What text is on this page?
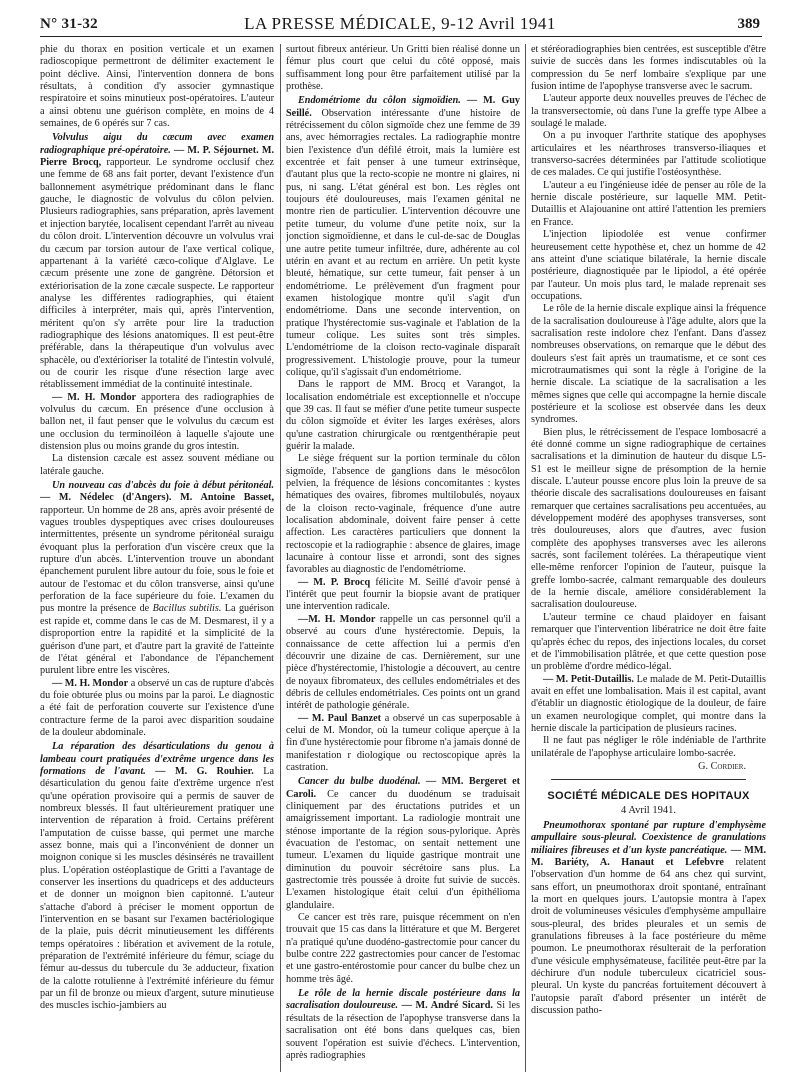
N° 31-32	LA PRESSE MÉDICALE, 9-12 Avril 1941	389

phie du thorax en position verticale et un examen radioscopique permettront de délimiter exactement le point déclive. Ainsi, l'intervention donnera de bons résultats, à condition d'y associer gymnastique respiratoire et soins minutieux post-opératoires. L'auteur a ainsi obtenu une guérison complète, en moins de 4 semaines, de 6 opérés sur 7 cas.

Volvulus aigu du cæcum avec examen radiographique pré-opératoire. — M. P. Séjournet. M. Pierre Brocq, rapporteur. Le syndrome occlusif chez une femme de 68 ans fait porter, devant l'existence d'un ballonnement asymétrique prédominant dans le flanc gauche, le diagnostic de volvulus du côlon pelvien. Plusieurs radiographies, sans préparation, après lavement et injection barytée, localisent cependant l'arrêt au niveau du côlon droit. L'intervention découvre un volvulus vrai du cæcum par torsion autour de l'axe vertical colique, appartenant à la variété cæco-colique d'Alglave. Le cæcum présente une zone de gangrène. Détorsion et extériorisation de la zone cæcale suspecte. Le rapporteur analyse les différentes radiographies, qui étaient difficiles à interpréter, mais qui, après l'intervention, méritent qu'on s'y arrête pour lire la traduction radiographique des lésions anatomiques. Il est peut-être préférable, dans la thérapeutique d'un volvulus avec sphacèle, ou d'extérioriser la totalité de l'intestin volvulé, ou de courir les risque d'une résection large avec rétablissement immédiat de la continuité intestinale.

— M. H. Mondor apportera des radiographies de volvulus du cæcum. En présence d'une occlusion à ballon net, il faut penser que le volvulus du cæcum est une occlusion du terminoiléon à laquelle s'ajoute une distension plus ou moins grande du gros intestin.

La distension cæcale est assez souvent médiane ou latérale gauche.

Un nouveau cas d'abcès du foie à début péritonéal. — M. Nédelec (d'Angers). M. Antoine Basset, rapporteur. Un homme de 28 ans, après avoir présenté de vagues troubles dyspeptiques avec crises douloureuses intermittentes, présente un syndrome péritonéal suraigu évoquant plus la perforation d'un viscère creux que la rupture d'un abcès. L'intervention trouve un abondant épanchement purulent libre autour du foie, sous le foie et autour de l'estomac et du côlon transverse, ainsi qu'une perforation de la face supérieure du foie. L'examen du pus montre la présence de Bacillus subtilis. La guérison est rapide et, comme dans le cas de M. Desmarest, il y a disproportion entre la rapidité et la simplicité de la guérison d'une part, et d'autre part la gravité de l'atteinte de l'état général et l'abondance de l'épanchement purulent libre entre les viscères.

— M. H. Mondor a observé un cas de rupture d'abcès du foie obturée plus ou moins par la paroi. Le diagnostic a été fait de perforation couverte sur l'existence d'une contracture ferme de la paroi avec disparition soudaine de la douleur abdominale.

La réparation des désarticulations du genou à lambeau court pratiquées d'extrême urgence dans les formations de l'avant. — M. G. Rouhier. La désarticulation du genou faite d'extrême urgence n'est qu'une opération provisoire qui a permis de sauver de nombreux blessés. Il faut ultérieurement pratiquer une intervention de réparation à froid. Certains préfèrent l'amputation de cuisse basse, qui permet une marche assez bonne, mais qui a l'inconvénient de donner un moignon conique si les muscles désinsérés ne travaillent plus. L'opération ostéoplastique de Gritti a l'avantage de conserver les insertions du quadriceps et des adducteurs et de donner un moignon bien capitonné. L'auteur s'attache d'abord à préciser le moment opportun de l'intervention en se basant sur l'examen bactériologique de la plaie, puis décrit minutieusement les différents temps opératoires : libération et avivement de la rotule, préparation de l'extrémité inférieure du fémur, sciage du fémur au-dessus du tubercule du 3e adducteur, fixation de la calotte rotulienne à l'extrémité inférieure du fémur par un fil de bronze ou mieux d'argent, suture minutieuse des muscles ischio-jambiers au

surtout fibreux antérieur. Un Gritti bien réalisé donne un fémur plus court que celui du côté opposé, mais suffisamment long pour être parfaitement utilisé par la prothèse.

Endométriome du côlon sigmoïdien. — M. Guy Seillé. Observation intéressante d'une histoire de rétrécissement du côlon sigmoïde chez une femme de 39 ans, avec hémorragies rectales. La radiographie montre bien l'existence d'un défilé étroit, mais la lumière est excentrée et fait penser à une tumeur extrinsèque, d'autant plus que la recto-scopie ne montre ni glaires, ni pus, ni sang. L'état général est bon. Les règles ont toujours été douloureuses, mais l'examen génital ne montre rien de particulier. L'intervention découvre une petite tumeur, du volume d'une petite noix, sur la jonction sigmoïdienne, et dans le cul-de-sac de Douglas une autre petite tumeur infiltrée, dure, adhérente au col utérin en avant et au rectum en arrière. Un petit kyste bleuté, hématique, sur cette tumeur, fait penser à un endométriome. Le prélèvement d'un fragment pour examen histologique montre qu'il s'agit d'un endométriome. Dans une seconde intervention, on pratique l'hystérectomie sus-vaginale et l'ablation de la tumeur colique. Les suites sont très simples. L'endométriome de la cloison recto-vaginale disparaît progressivement. L'histologie prouve, pour la tumeur colique, qu'il s'agissait d'un endométriome.

Dans le rapport de MM. Brocq et Varangot, la localisation endométriale est exceptionnelle et n'occupe que 39 cas. Il faut se méfier d'une petite tumeur suspecte du côlon sigmoïde et éviter les larges exérèses, alors qu'une castration chirurgicale ou rœntgenthérapie peut guérir la malade.

Le siège fréquent sur la portion terminale du côlon sigmoïde, l'absence de ganglions dans le mésocôlon pelvien, la fréquence de lésions concomitantes : kystes hématiques des ovaires, fibromes multilobulés, noyaux de la cloison recto-vaginale, fréquence d'une autre localisation abdominale, doivent faire penser à cette affection. Les caractères particuliers que donnent la rectoscopie et la radiographie : absence de glaires, image lacunaire à contour lisse et arrondi, sont des signes favorables au diagnostic de l'endométriome.

— M. P. Brocq félicite M. Seillé d'avoir pensé à l'intérêt que peut fournir la biopsie avant de pratiquer une intervention radicale.

—M. H. Mondor rappelle un cas personnel qu'il a observé au cours d'une hystérectomie. Depuis, la connaissance de cette affection lui a permis d'en découvrir une dizaine de cas. Dernièrement, sur une pièce d'hystérectomie, l'histologie a découvert, au centre de noyaux fibromateux, des cellules endométriales et des débris de cellules endométriales. Ces points ont un grand intérêt de pathologie générale.

— M. Paul Banzet a observé un cas superposable à celui de M. Mondor, où la tumeur colique aperçue à la fin d'une hystérectomie pour fibrome n'a jamais donné de manifestation r diologique ou rectoscopique après la castration.

Cancer du bulbe duodénal. — MM. Bergeret et Caroli. Ce cancer du duodénum se traduisait cliniquement par des éructations putrides et un amaigrissement important. La radiologie montrait une sténose importante de la région sous-pylorique. Après évacuation de l'estomac, on sentait nettement une tumeur. L'examen du liquide gastrique montrait une diminution du pouvoir sécrétoire sans plus. La gastrectomie très poussée à droite fut suivie de succès. L'examen histologique était celui d'un épithélioma glandulaire.

Ce cancer est très rare, puisque récemment on n'en trouvait que 15 cas dans la littérature et que M. Bergeret n'a pratiqué qu'une duodéno-gastrectomie pour cancer du bulbe contre 222 gastrectomies pour cancer de l'estomac et une gastro-entérostomie pour cancer du bulbe chez un homme très âgé.

Le rôle de la hernie discale postérieure dans la sacralisation douloureuse. — M. André Sicard. Si les résultats de la résection de l'apophyse transverse dans la sacralisation ont été bons dans quelques cas, bien souvent l'opération est suivie d'échecs. L'intervention, après radiographies

et stéréoradiographies bien centrées, est susceptible d'être suivie de succès dans les formes indiscutables où la compression du 5e nerf lombaire s'explique par une fusion intime de l'apophyse transverse avec le sacrum.

L'auteur apporte deux nouvelles preuves de l'échec de la transversectomie, où dans l'une la greffe type Albee a soulagé le malade.

On a pu invoquer l'arthrite statique des apophyses articulaires et les néarthroses transverso-iliaques et transverso-sacrées déterminées par l'attitude scoliotique de ces malades. Ce qui justifie l'ostéosynthèse.

L'auteur a eu l'ingénieuse idée de penser au rôle de la hernie discale postérieure, sur laquelle MM. Petit-Dutaillis et Alajouanine ont attiré l'attention les premiers en France.

L'injection lipiodolée est venue confirmer heureusement cette hypothèse et, chez un homme de 42 ans atteint d'une sciatique bilatérale, la hernie discale postérieure, diagnostiquée par le lipiodol, a été opérée par l'auteur. Un mois plus tard, le malade reprenait ses occupations.

Le rôle de la hernie discale explique ainsi la fréquence de la sacralisation douloureuse à l'âge adulte, alors que la sacralisation reste indolore chez l'enfant. Dans d'assez nombreuses observations, on remarque que le début des douleurs s'est fait après un traumatisme, et ce sont ces microtraumatismes qui sont la règle à l'origine de la hernie discale. La sciatique de la sacralisation a les mêmes signes que celle qui accompagne la hernie discale postérieure et la scoliose est observée dans les deux syndromes.

Bien plus, le rétrécissement de l'espace lombosacré a été donné comme un signe radiographique de certaines sacralisations et la diminution de hauteur du disque L5-S1 est le meilleur signe de présomption de la hernie discale. L'auteur pousse encore plus loin la preuve de sa théorie discale des sacralisations douloureuses en faisant remarquer que certaines sacralisations peu accentuées, au développement modéré des apophyses transverses, sont très douloureuses, alors que d'autres, avec fusion complète des apophyses transverses avec les ailerons sacrés, sont facilement tolérées. La thérapeutique vient elle-même renforcer l'opinion de l'auteur, puisque la greffe lombo-sacrée, calmant remarquable des douleurs de la hernie discale, améliore considérablement la sacralisation douloureuse.

L'auteur termine ce chaud plaidoyer en faisant remarquer que l'intervention libératrice ne doit être faite qu'après échec du repos, des injections locales, du corset et de l'immobilisation plâtrée, et que cette question pose un problème d'ordre médico-légal.

— M. Petit-Dutaillis. Le malade de M. Petit-Dutaillis avait en effet une lombalisation. Mais il est capital, avant d'établir un diagnostic étiologique de la douleur, de faire un examen neurologique complet, qui montre dans la hernie discale la participation de plusieurs racines.

Il ne faut pas négliger le rôle indéniable de l'arthrite unilatérale de l'apophyse articulaire lombo-sacrée.

G. Cordier.
SOCIÉTÉ MÉDICALE DES HOPITAUX
4 Avril 1941.

Pneumothorax spontané par rupture d'emphysème ampullaire sous-pleural. Coexistence de granulations miliaires fibreuses et d'un kyste pancréatique. — MM. M. Bariéty, A. Hanaut et Lefebvre relatent l'observation d'un homme de 64 ans chez qui survint, sans effort, un pneumothorax droit spontané, entraînant la mort en quelques jours. L'autopsie montra à l'apex droit de volumineuses vésicules d'emphysème ampullaire sous-pleural, des brides pleurales et un semis de granulations fibreuses à la face postérieure du même poumon. Le pneumothorax résulterait de la perforation d'une vésicule emphysémateuse, facilitée peut-être par la déchirure d'un nodule tuberculeux cicatriciel sous-pleural. Un kyste du pancréas fortuitement découvert à l'autopsie paraît d'abord présenter un intérêt de discussion patho-
